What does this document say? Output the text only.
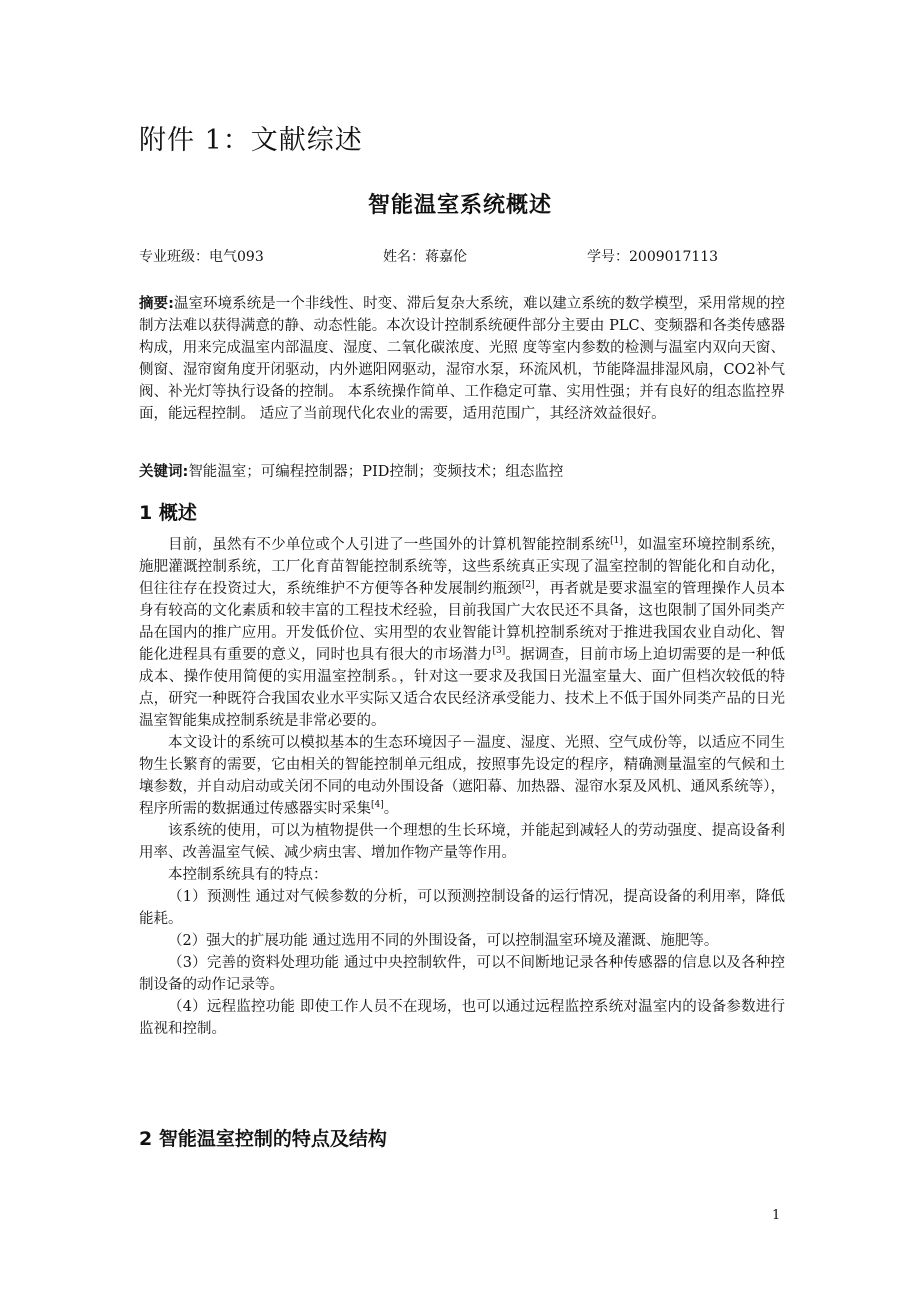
附件 1：文献综述
智能温室系统概述
专业班级：电气093	姓名：蒋嘉伦	学号：2009017113

摘要:温室环境系统是一个非线性、时变、滞后复杂大系统，难以建立系统的数学模型，采用常规的控制方法难以获得满意的静、动态性能。本次设计控制系统硬件部分主要由 PLC、变频器和各类传感器构成，用来完成温室内部温度、湿度、二氧化碳浓度、光照 度等室内参数的检测与温室内双向天窗、侧窗、湿帘窗角度开闭驱动，内外遮阳网驱动，湿帘水泵，环流风机，节能降温排湿风扇，CO2补气阀、补光灯等执行设备的控制。 本系统操作简单、工作稳定可靠、实用性强；并有良好的组态监控界面，能远程控制。 适应了当前现代化农业的需要，适用范围广，其经济效益很好。

关键词:智能温室；可编程控制器；PID控制；变频技术；组态监控

1 概述

目前，虽然有不少单位或个人引进了一些国外的计算机智能控制系统[1]，如温室环境控制系统，施肥灌溉控制系统，工厂化育苗智能控制系统等，这些系统真正实现了温室控制的智能化和自动化，但往往存在投资过大，系统维护不方便等各种发展制约瓶颈[2]，再者就是要求温室的管理操作人员本身有较高的文化素质和较丰富的工程技术经验，目前我国广大农民还不具备，这也限制了国外同类产品在国内的推广应用。开发低价位、实用型的农业智能计算机控制系统对于推进我国农业自动化、智能化进程具有重要的意义，同时也具有很大的市场潜力[3]。据调查，目前市场上迫切需要的是一种低成本、操作使用简便的实用温室控制系。，针对这一要求及我国日光温室量大、面广但档次较低的特点，研究一种既符合我国农业水平实际又适合农民经济承受能力、技术上不低于国外同类产品的日光温室智能集成控制系统是非常必要的。

本文设计的系统可以模拟基本的生态环境因子－温度、湿度、光照、空气成份等，以适应不同生物生长繁育的需要，它由相关的智能控制单元组成，按照事先设定的程序，精确测量温室的气候和土壤参数，并自动启动或关闭不同的电动外围设备（遮阳幕、加热器、湿帘水泵及风机、通风系统等），程序所需的数据通过传感器实时采集[4]。

该系统的使用，可以为植物提供一个理想的生长环境，并能起到减轻人的劳动强度、提高设备利用率、改善温室气候、减少病虫害、增加作物产量等作用。

本控制系统具有的特点：

（1）预测性 通过对气候参数的分析，可以预测控制设备的运行情况，提高设备的利用率，降低能耗。

（2）强大的扩展功能 通过选用不同的外围设备，可以控制温室环境及灌溉、施肥等。

（3）完善的资料处理功能 通过中央控制软件，可以不间断地记录各种传感器的信息以及各种控制设备的动作记录等。

（4）远程监控功能 即使工作人员不在现场，也可以通过远程监控系统对温室内的设备参数进行监视和控制。

2 智能温室控制的特点及结构
1
